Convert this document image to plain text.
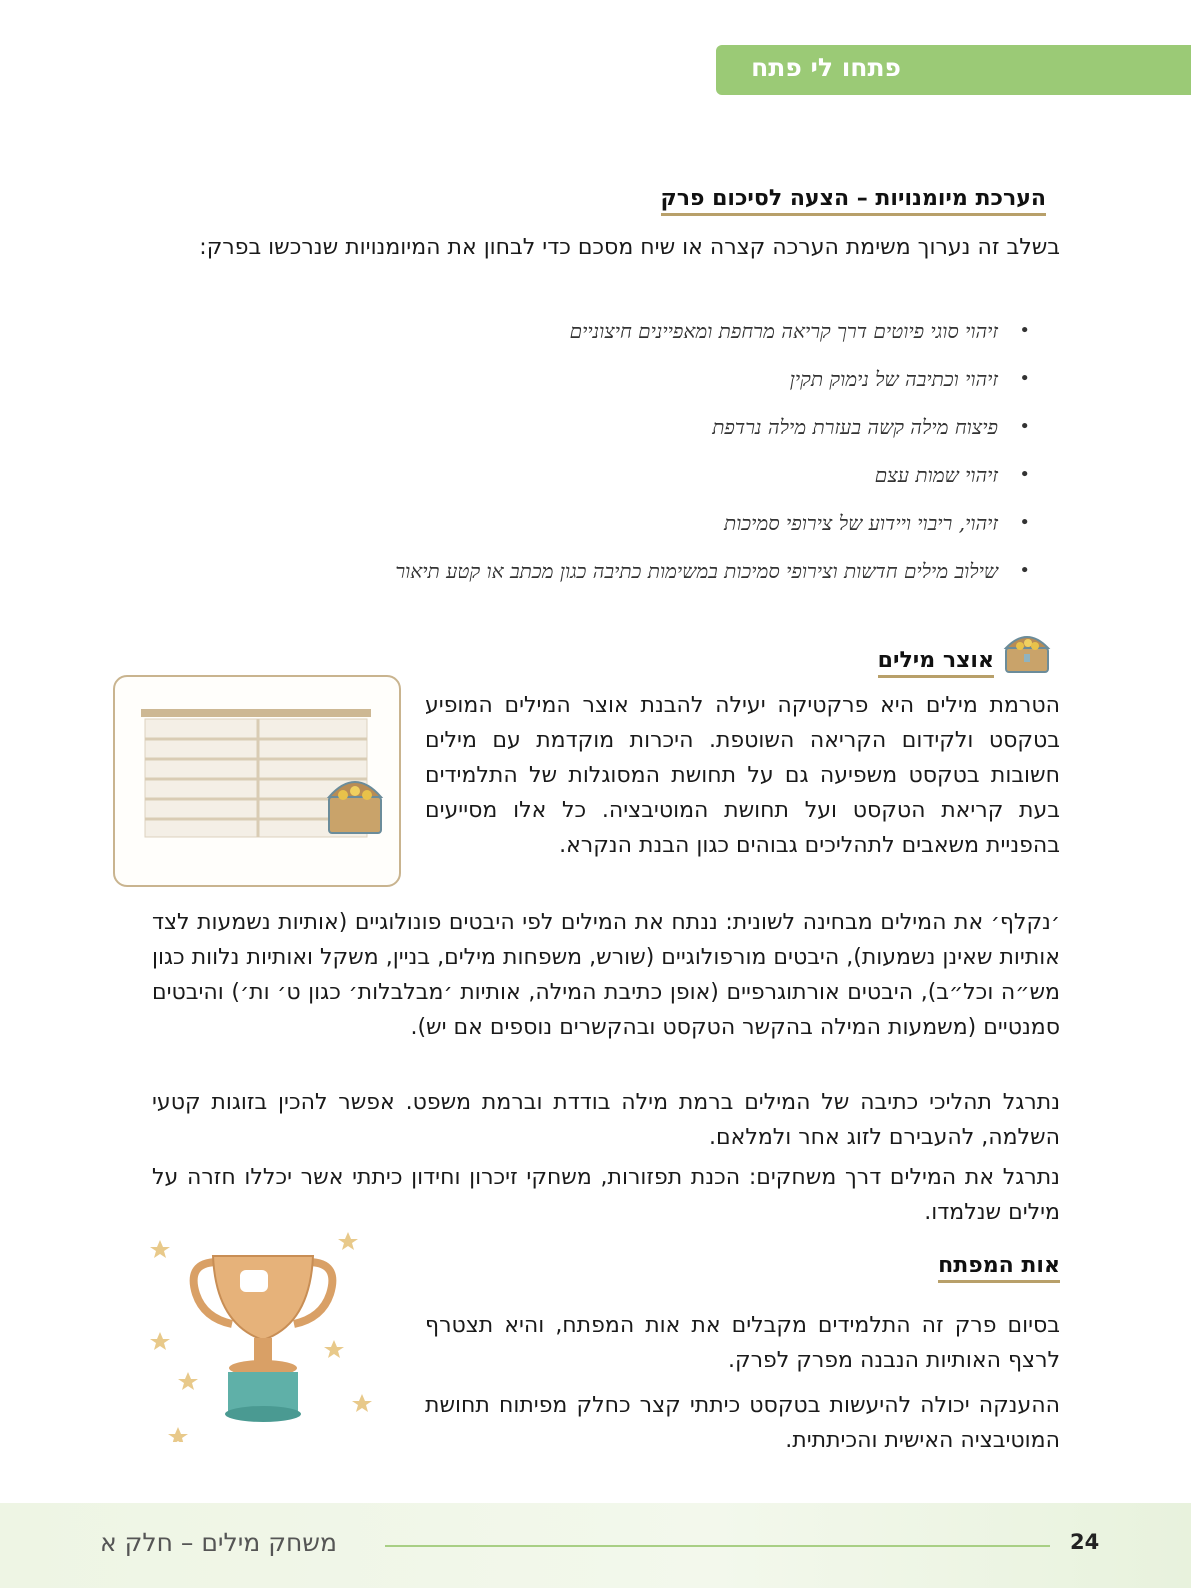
פתחו לי פתח
הערכת מיומנויות – הצעה לסיכום פרק

בשלב זה נערוך משימת הערכה קצרה או שיח מסכם כדי לבחון את המיומנויות שנרכשו בפרק:

• זיהוי סוגי פיוטים דרך קריאה מרחפת ומאפיינים חיצוניים
• זיהוי וכתיבה של נימוק תקין
• פיצוח מילה קשה בעזרת מילה נרדפת
• זיהוי שמות עצם
• זיהוי, ריבוי ויידוע של צירופי סמיכות
• שילוב מילים חדשות וצירופי סמיכות במשימות כתיבה כגון מכתב או קטע תיאור
אוצר מילים

הטרמת מילים היא פרקטיקה יעילה להבנת אוצר המילים המופיע בטקסט ולקידום הקריאה השוטפת. היכרות מוקדמת עם מילים חשובות בטקסט משפיעה גם על תחושת המסוגלות של התלמידים בעת קריאת הטקסט ועל תחושת המוטיבציה. כל אלו מסייעים בהפניית משאבים לתהליכים גבוהים כגון הבנת הנקרא.

׳נקלף׳ את המילים מבחינה לשונית: ננתח את המילים לפי היבטים פונולוגיים (אותיות נשמעות לצד אותיות שאינן נשמעות), היבטים מורפולוגיים (שורש, משפחות מילים, בניין, משקל ואותיות נלוות כגון מש״ה וכל״ב), היבטים אורתוגרפיים (אופן כתיבת המילה, אותיות ׳מבלבלות׳ כגון ט׳ ות׳) והיבטים סמנטיים (משמעות המילה בהקשר הטקסט ובהקשרים נוספים אם יש).

נתרגל תהליכי כתיבה של המילים ברמת מילה בודדת וברמת משפט. אפשר להכין בזוגות קטעי השלמה, להעבירם לזוג אחר ולמלאם.

נתרגל את המילים דרך משחקים: הכנת תפזורות, משחקי זיכרון וחידון כיתתי אשר יכללו חזרה על מילים שנלמדו.

אות המפתח

בסיום פרק זה התלמידים מקבלים את אות המפתח, והיא תצטרף לרצף האותיות הנבנה מפרק לפרק.

ההענקה יכולה להיעשות בטקסט כיתתי קצר כחלק מפיתוח תחושת המוטיבציה האישית והכיתתית.

משחק מילים – חלק א	24
